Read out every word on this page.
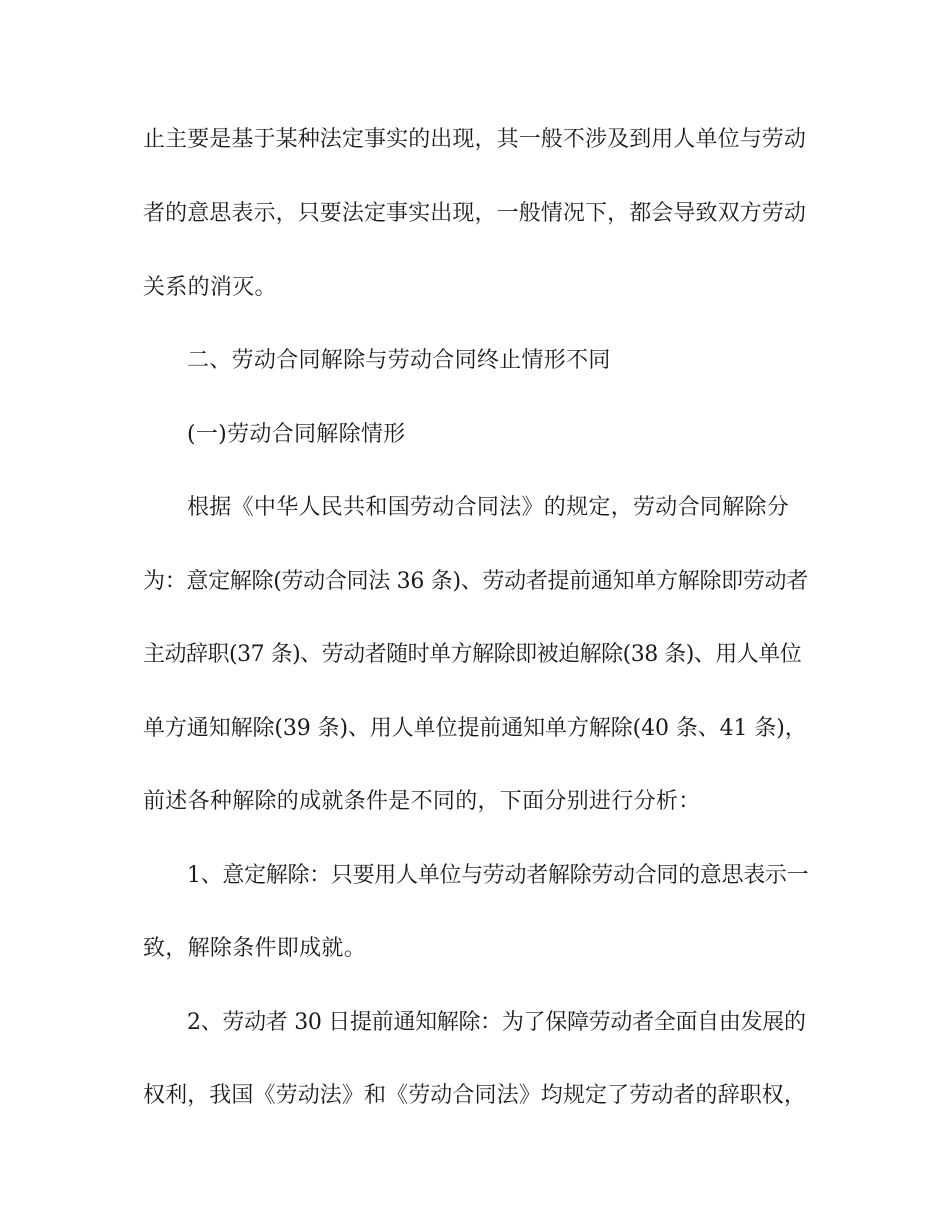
止主要是基于某种法定事实的出现，其一般不涉及到用人单位与劳动
者的意思表示，只要法定事实出现，一般情况下，都会导致双方劳动
关系的消灭。
二、劳动合同解除与劳动合同终止情形不同
(一)劳动合同解除情形
根据《中华人民共和国劳动合同法》的规定，劳动合同解除分
为：意定解除(劳动合同法 36 条)、劳动者提前通知单方解除即劳动者
主动辞职(37 条)、劳动者随时单方解除即被迫解除(38 条)、用人单位
单方通知解除(39 条)、用人单位提前通知单方解除(40 条、41 条)，
前述各种解除的成就条件是不同的，下面分别进行分析：
1、意定解除：只要用人单位与劳动者解除劳动合同的意思表示一
致，解除条件即成就。
2、劳动者 30 日提前通知解除：为了保障劳动者全面自由发展的
权利，我国《劳动法》和《劳动合同法》均规定了劳动者的辞职权，
